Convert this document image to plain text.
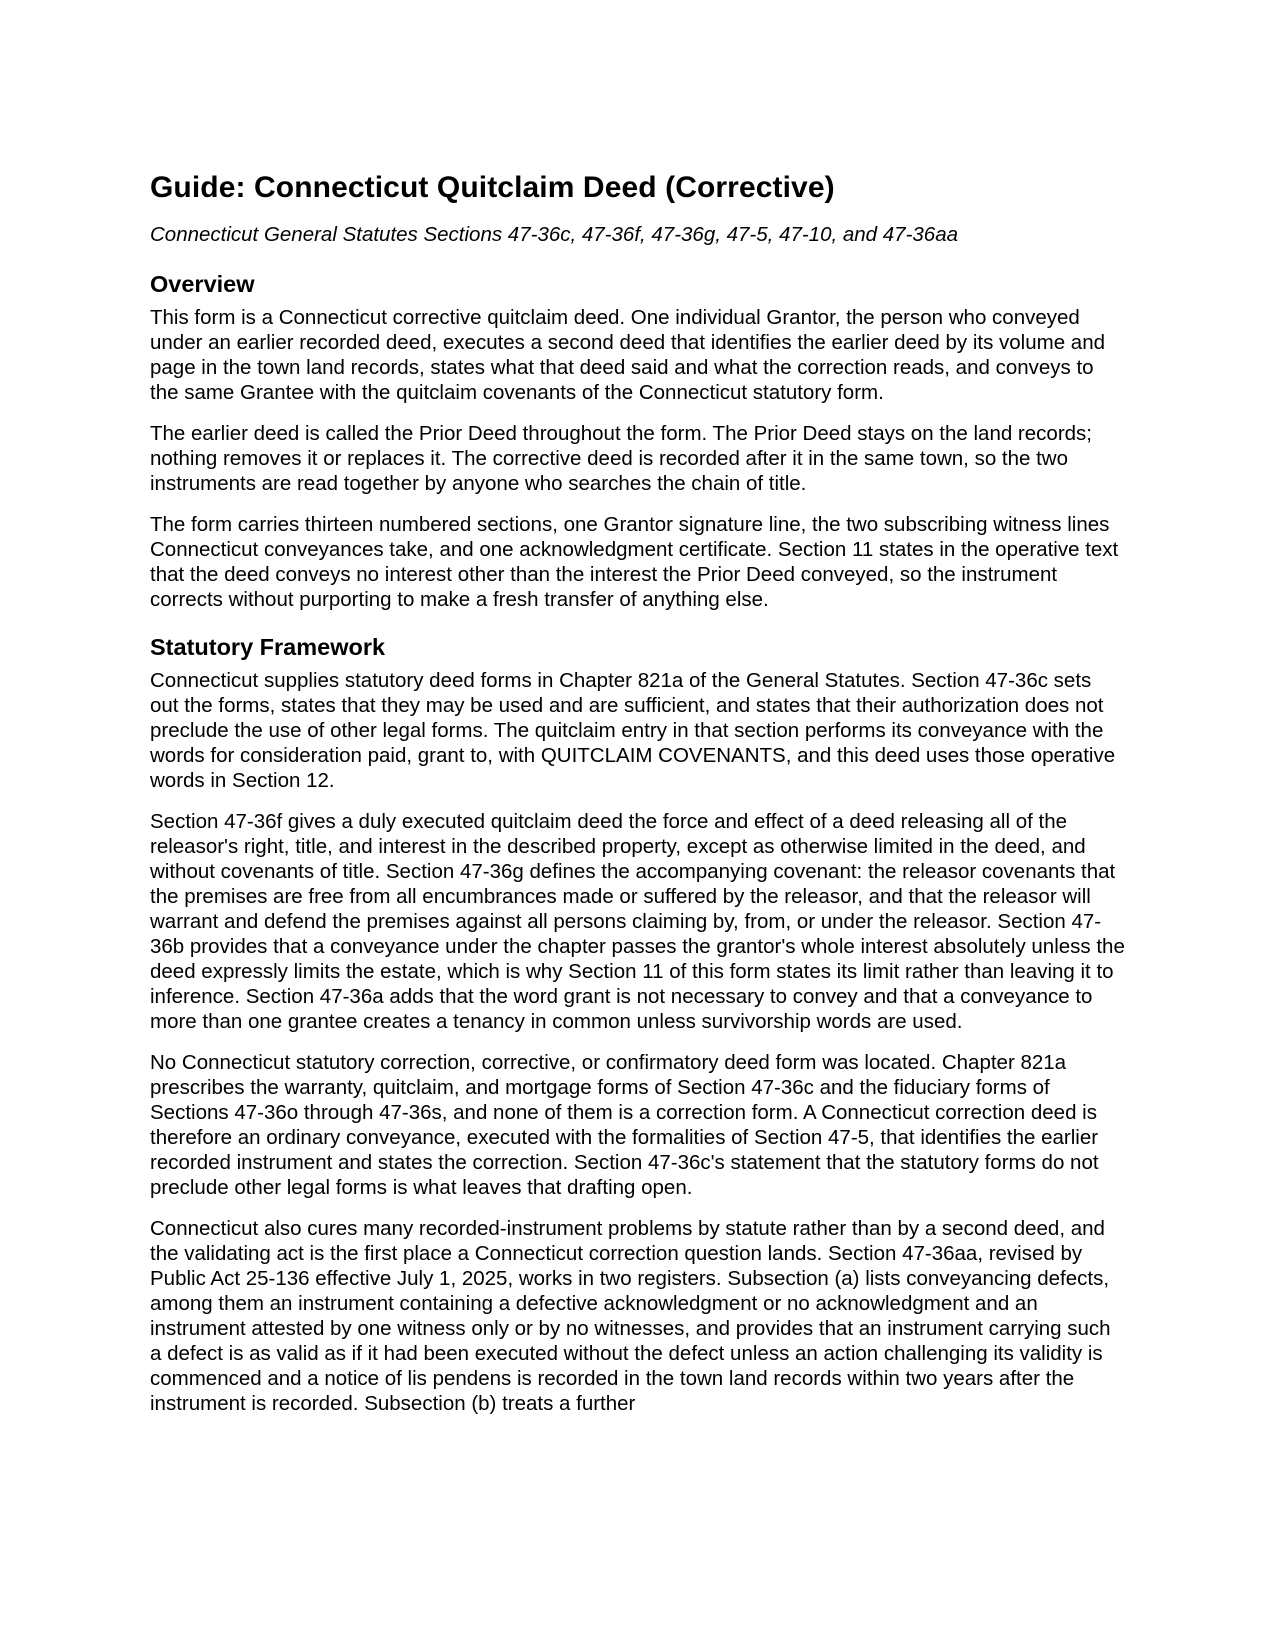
Guide: Connecticut Quitclaim Deed (Corrective)
Connecticut General Statutes Sections 47-36c, 47-36f, 47-36g, 47-5, 47-10, and 47-36aa
Overview

This form is a Connecticut corrective quitclaim deed. One individual Grantor, the person who conveyed under an earlier recorded deed, executes a second deed that identifies the earlier deed by its volume and page in the town land records, states what that deed said and what the correction reads, and conveys to the same Grantee with the quitclaim covenants of the Connecticut statutory form.

The earlier deed is called the Prior Deed throughout the form. The Prior Deed stays on the land records; nothing removes it or replaces it. The corrective deed is recorded after it in the same town, so the two instruments are read together by anyone who searches the chain of title.

The form carries thirteen numbered sections, one Grantor signature line, the two subscribing witness lines Connecticut conveyances take, and one acknowledgment certificate. Section 11 states in the operative text that the deed conveys no interest other than the interest the Prior Deed conveyed, so the instrument corrects without purporting to make a fresh transfer of anything else.

Statutory Framework

Connecticut supplies statutory deed forms in Chapter 821a of the General Statutes. Section 47-36c sets out the forms, states that they may be used and are sufficient, and states that their authorization does not preclude the use of other legal forms. The quitclaim entry in that section performs its conveyance with the words for consideration paid, grant to, with QUITCLAIM COVENANTS, and this deed uses those operative words in Section 12.

Section 47-36f gives a duly executed quitclaim deed the force and effect of a deed releasing all of the releasor's right, title, and interest in the described property, except as otherwise limited in the deed, and without covenants of title. Section 47-36g defines the accompanying covenant: the releasor covenants that the premises are free from all encumbrances made or suffered by the releasor, and that the releasor will warrant and defend the premises against all persons claiming by, from, or under the releasor. Section 47-36b provides that a conveyance under the chapter passes the grantor's whole interest absolutely unless the deed expressly limits the estate, which is why Section 11 of this form states its limit rather than leaving it to inference. Section 47-36a adds that the word grant is not necessary to convey and that a conveyance to more than one grantee creates a tenancy in common unless survivorship words are used.

No Connecticut statutory correction, corrective, or confirmatory deed form was located. Chapter 821a prescribes the warranty, quitclaim, and mortgage forms of Section 47-36c and the fiduciary forms of Sections 47-36o through 47-36s, and none of them is a correction form. A Connecticut correction deed is therefore an ordinary conveyance, executed with the formalities of Section 47-5, that identifies the earlier recorded instrument and states the correction. Section 47-36c's statement that the statutory forms do not preclude other legal forms is what leaves that drafting open.

Connecticut also cures many recorded-instrument problems by statute rather than by a second deed, and the validating act is the first place a Connecticut correction question lands. Section 47-36aa, revised by Public Act 25-136 effective July 1, 2025, works in two registers. Subsection (a) lists conveyancing defects, among them an instrument containing a defective acknowledgment or no acknowledgment and an instrument attested by one witness only or by no witnesses, and provides that an instrument carrying such a defect is as valid as if it had been executed without the defect unless an action challenging its validity is commenced and a notice of lis pendens is recorded in the town land records within two years after the instrument is recorded. Subsection (b) treats a further
